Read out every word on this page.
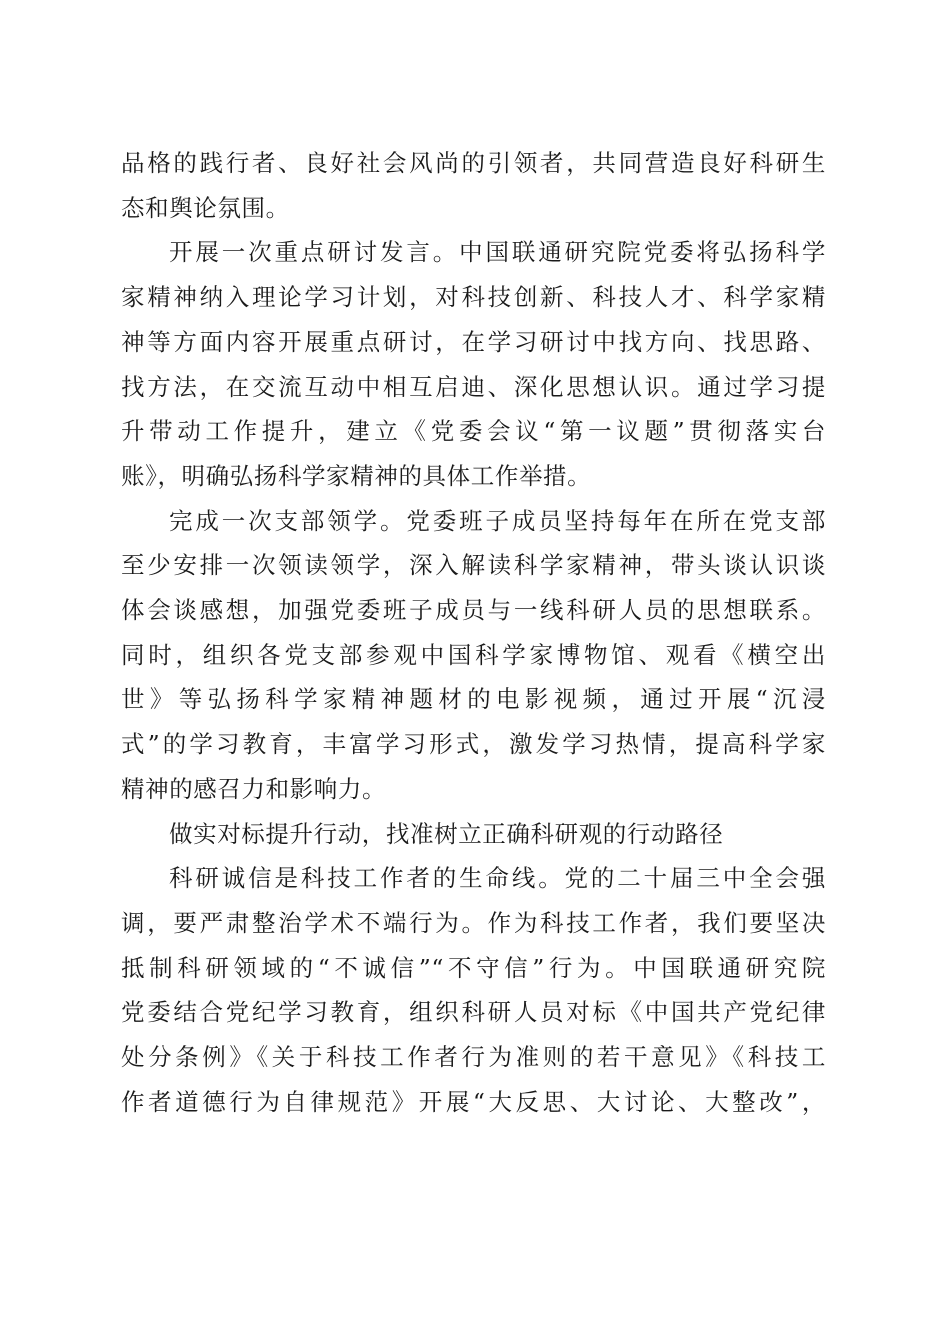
品格的践行者、良好社会风尚的引领者，共同营造良好科研生
态和舆论氛围。

开展一次重点研讨发言。中国联通研究院党委将弘扬科学
家精神纳入理论学习计划，对科技创新、科技人才、科学家精
神等方面内容开展重点研讨，在学习研讨中找方向、找思路、
找方法，在交流互动中相互启迪、深化思想认识。通过学习提
升带动工作提升，建立《党委会议“第一议题”贯彻落实台
账》，明确弘扬科学家精神的具体工作举措。

完成一次支部领学。党委班子成员坚持每年在所在党支部
至少安排一次领读领学，深入解读科学家精神，带头谈认识谈
体会谈感想，加强党委班子成员与一线科研人员的思想联系。
同时，组织各党支部参观中国科学家博物馆、观看《横空出
世》等弘扬科学家精神题材的电影视频，通过开展“沉浸
式”的学习教育，丰富学习形式，激发学习热情，提高科学家
精神的感召力和影响力。

做实对标提升行动，找准树立正确科研观的行动路径

科研诚信是科技工作者的生命线。党的二十届三中全会强
调，要严肃整治学术不端行为。作为科技工作者，我们要坚决
抵制科研领域的“不诚信”“不守信”行为。中国联通研究院
党委结合党纪学习教育，组织科研人员对标《中国共产党纪律
处分条例》《关于科技工作者行为准则的若干意见》《科技工
作者道德行为自律规范》开展“大反思、大讨论、大整改”，
